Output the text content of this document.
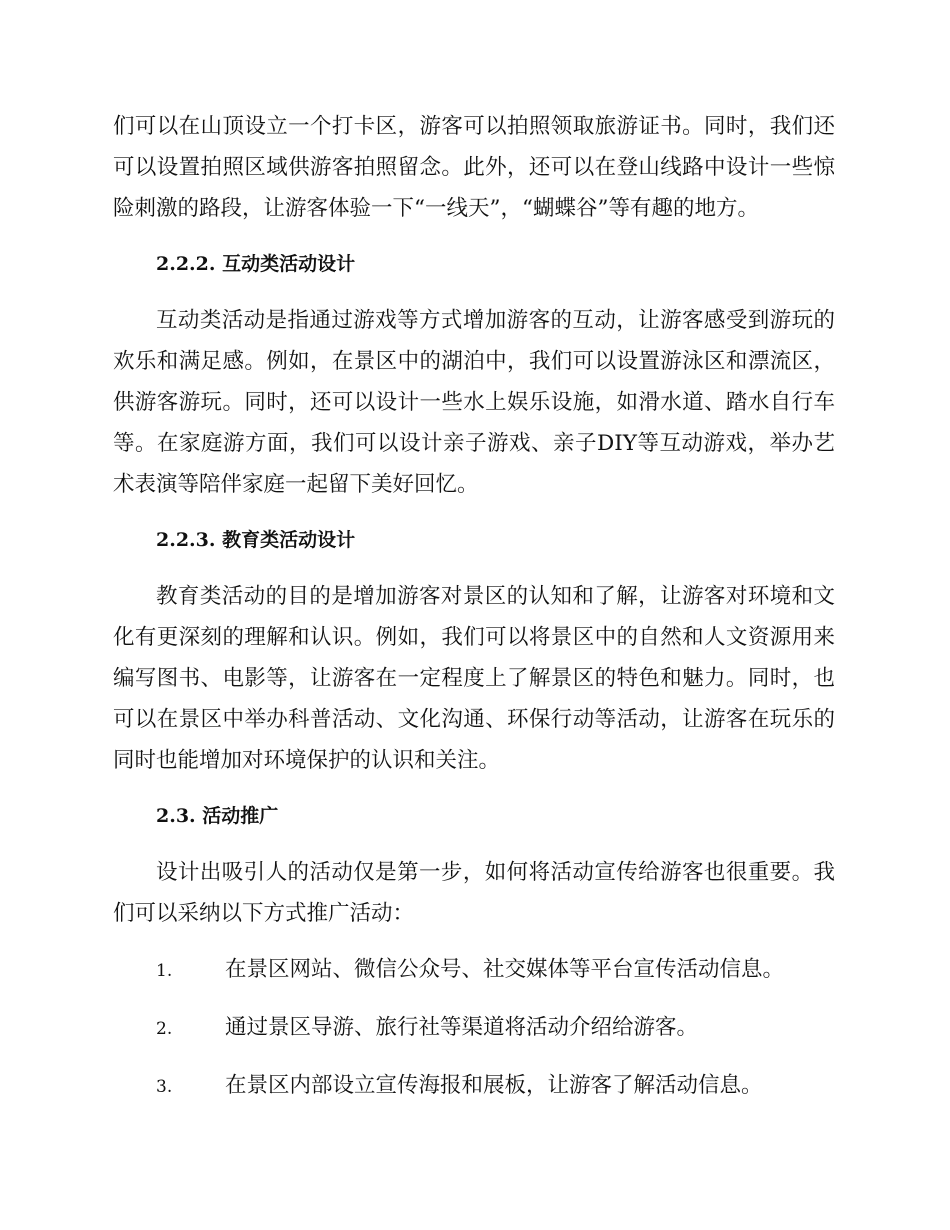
们可以在山顶设立一个打卡区，游客可以拍照领取旅游证书。同时，我们还可以设置拍照区域供游客拍照留念。此外，还可以在登山线路中设计一些惊险刺激的路段，让游客体验一下“一线天”，“蝴蝶谷”等有趣的地方。

2.2.2. 互动类活动设计

互动类活动是指通过游戏等方式增加游客的互动，让游客感受到游玩的欢乐和满足感。例如，在景区中的湖泊中，我们可以设置游泳区和漂流区，供游客游玩。同时，还可以设计一些水上娱乐设施，如滑水道、踏水自行车等。在家庭游方面，我们可以设计亲子游戏、亲子DIY等互动游戏，举办艺术表演等陪伴家庭一起留下美好回忆。

2.2.3. 教育类活动设计

教育类活动的目的是增加游客对景区的认知和了解，让游客对环境和文化有更深刻的理解和认识。例如，我们可以将景区中的自然和人文资源用来编写图书、电影等，让游客在一定程度上了解景区的特色和魅力。同时，也可以在景区中举办科普活动、文化沟通、环保行动等活动，让游客在玩乐的同时也能增加对环境保护的认识和关注。

2.3. 活动推广

设计出吸引人的活动仅是第一步，如何将活动宣传给游客也很重要。我们可以采纳以下方式推广活动：

1.	在景区网站、微信公众号、社交媒体等平台宣传活动信息。
2.	通过景区导游、旅行社等渠道将活动介绍给游客。
3.	在景区内部设立宣传海报和展板，让游客了解活动信息。
